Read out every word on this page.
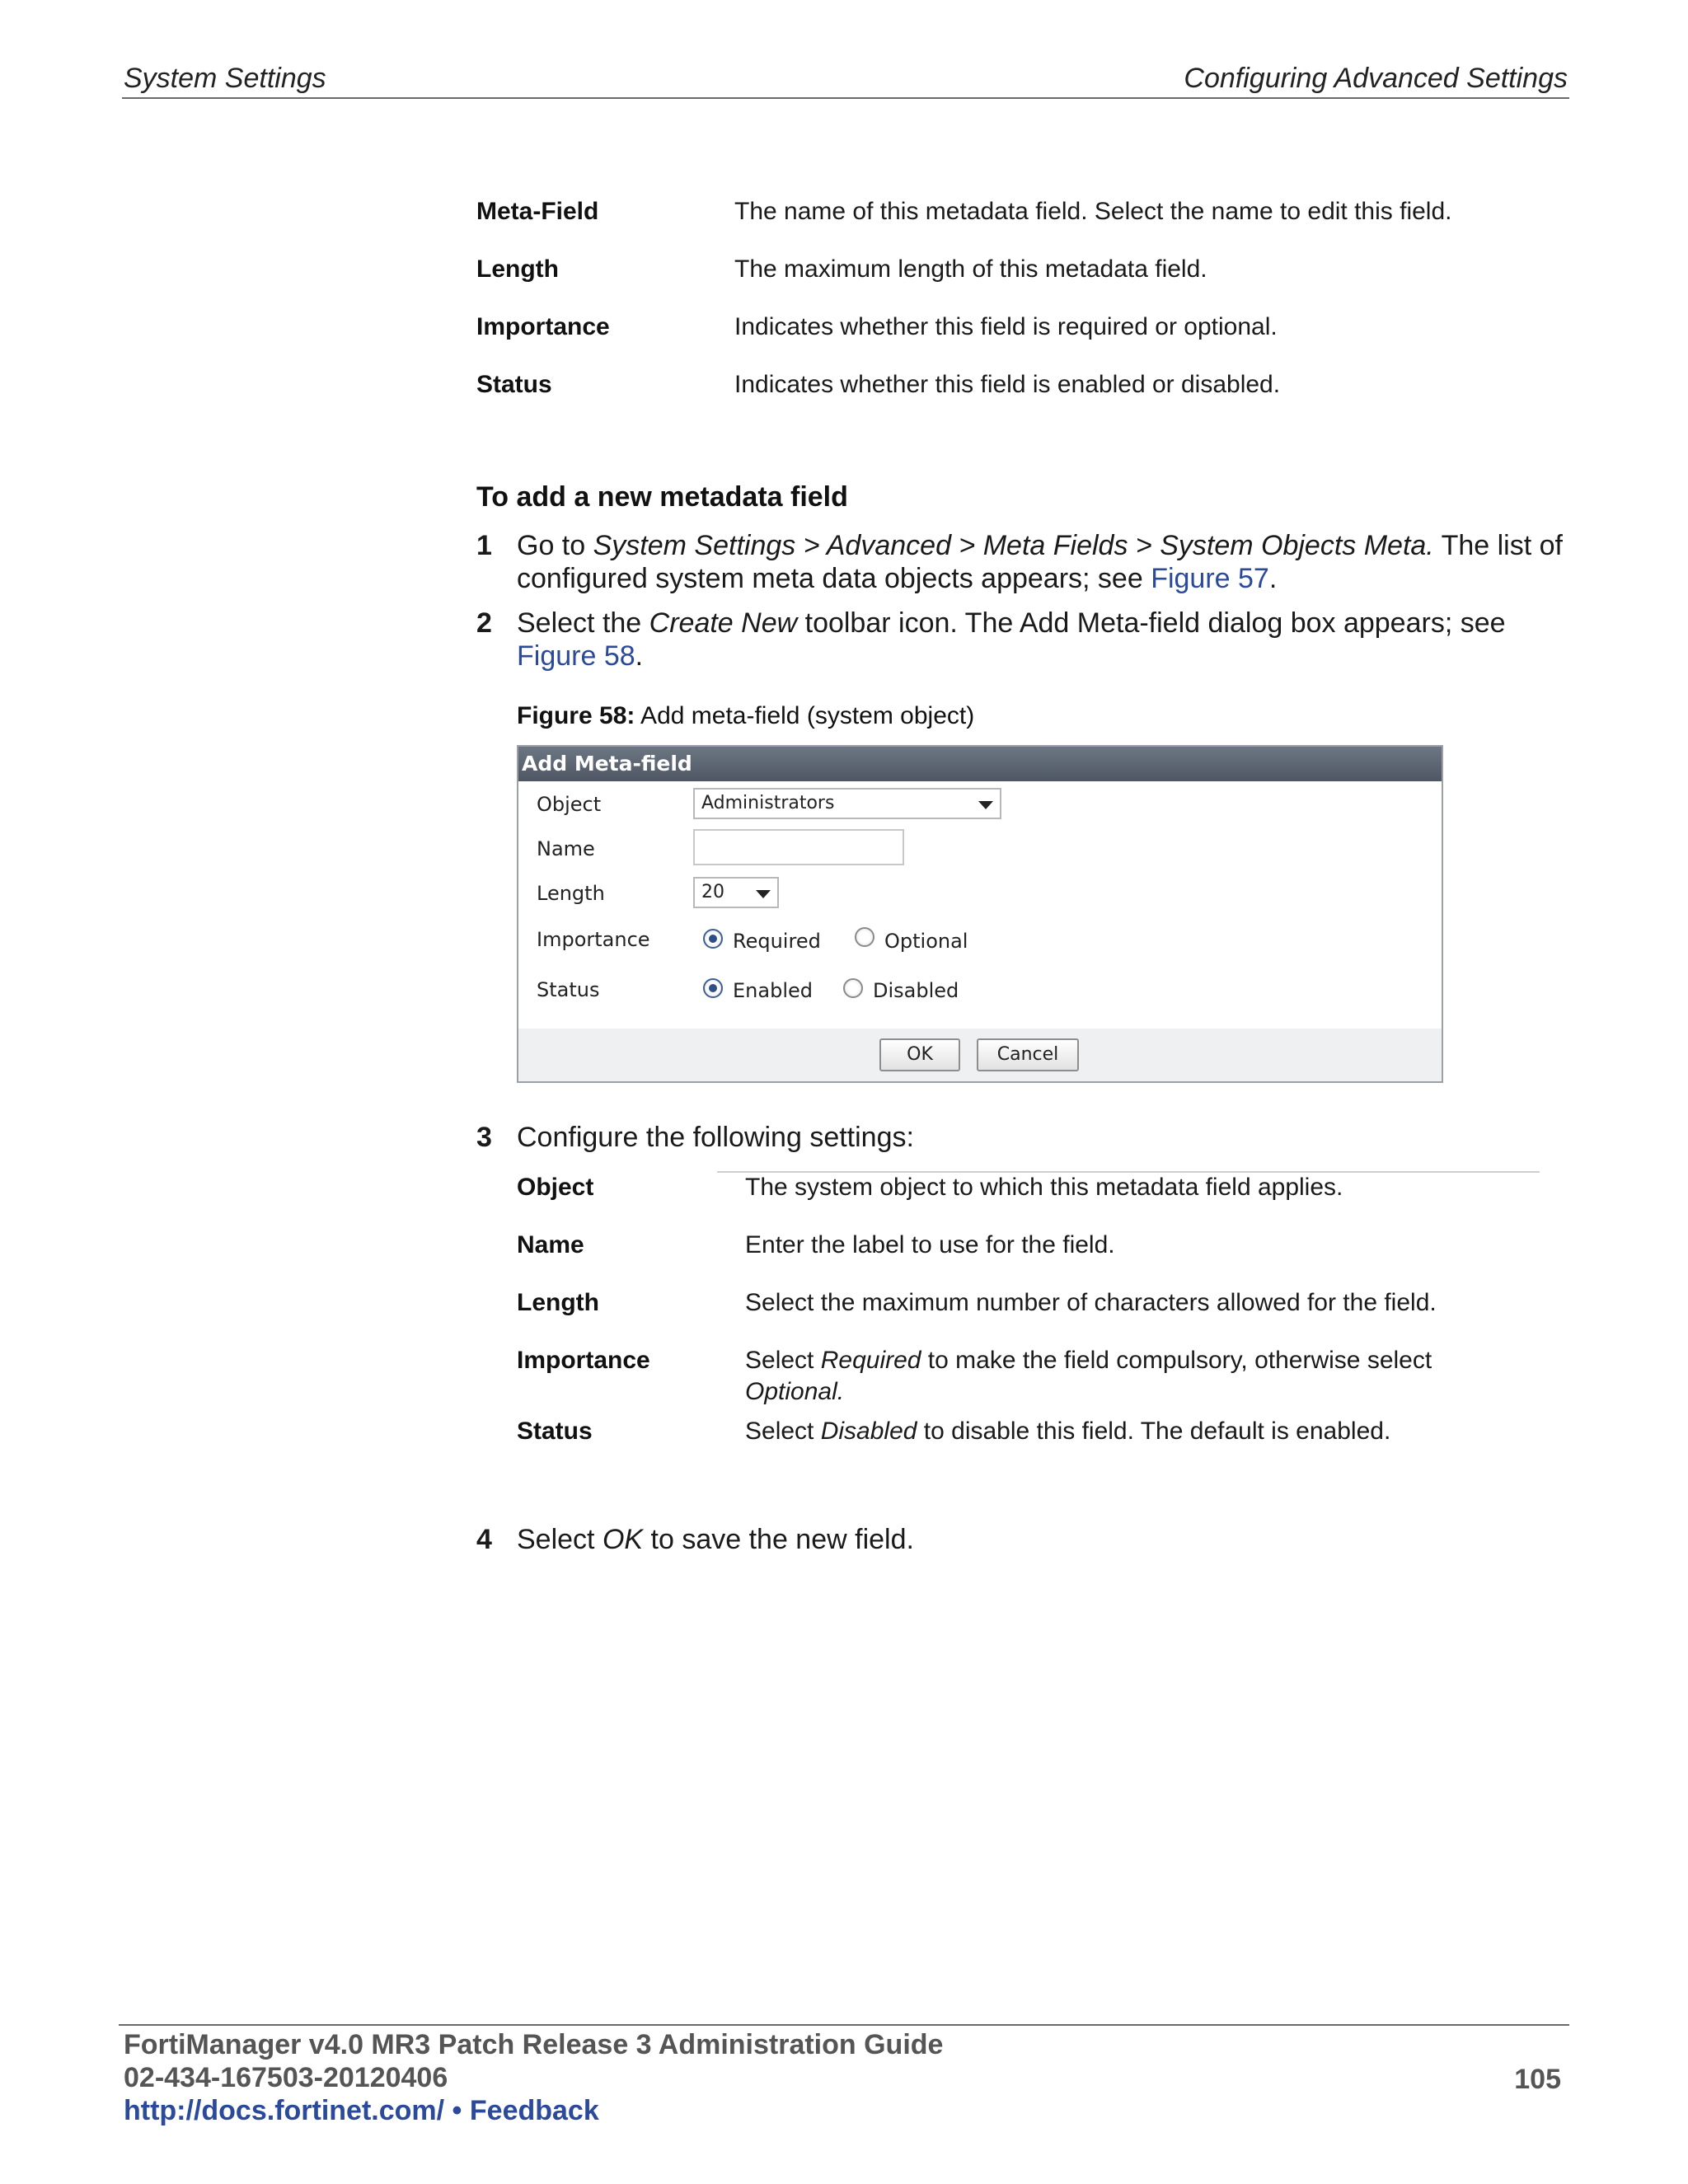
System Settings	Configuring Advanced Settings
Meta-Field	The name of this metadata field. Select the name to edit this field.
Length	The maximum length of this metadata field.
Importance	Indicates whether this field is required or optional.
Status	Indicates whether this field is enabled or disabled.
To add a new metadata field
1 Go to System Settings > Advanced > Meta Fields > System Objects Meta. The list of configured system meta data objects appears; see Figure 57.
2 Select the Create New toolbar icon. The Add Meta-field dialog box appears; see Figure 58.
Figure 58: Add meta-field (system object)
Add Meta-field
Object	Administrators
Name
Length	20
Importance	Required	Optional
Status	Enabled	Disabled
OK	Cancel
3 Configure the following settings:
Object	The system object to which this metadata field applies.
Name	Enter the label to use for the field.
Length	Select the maximum number of characters allowed for the field.
Importance	Select Required to make the field compulsory, otherwise select
Optional.
Status	Select Disabled to disable this field. The default is enabled.
4 Select OK to save the new field.
FortiManager v4.0 MR3 Patch Release 3 Administration Guide
02-434-167503-20120406
http://docs.fortinet.com/ • Feedback
105
